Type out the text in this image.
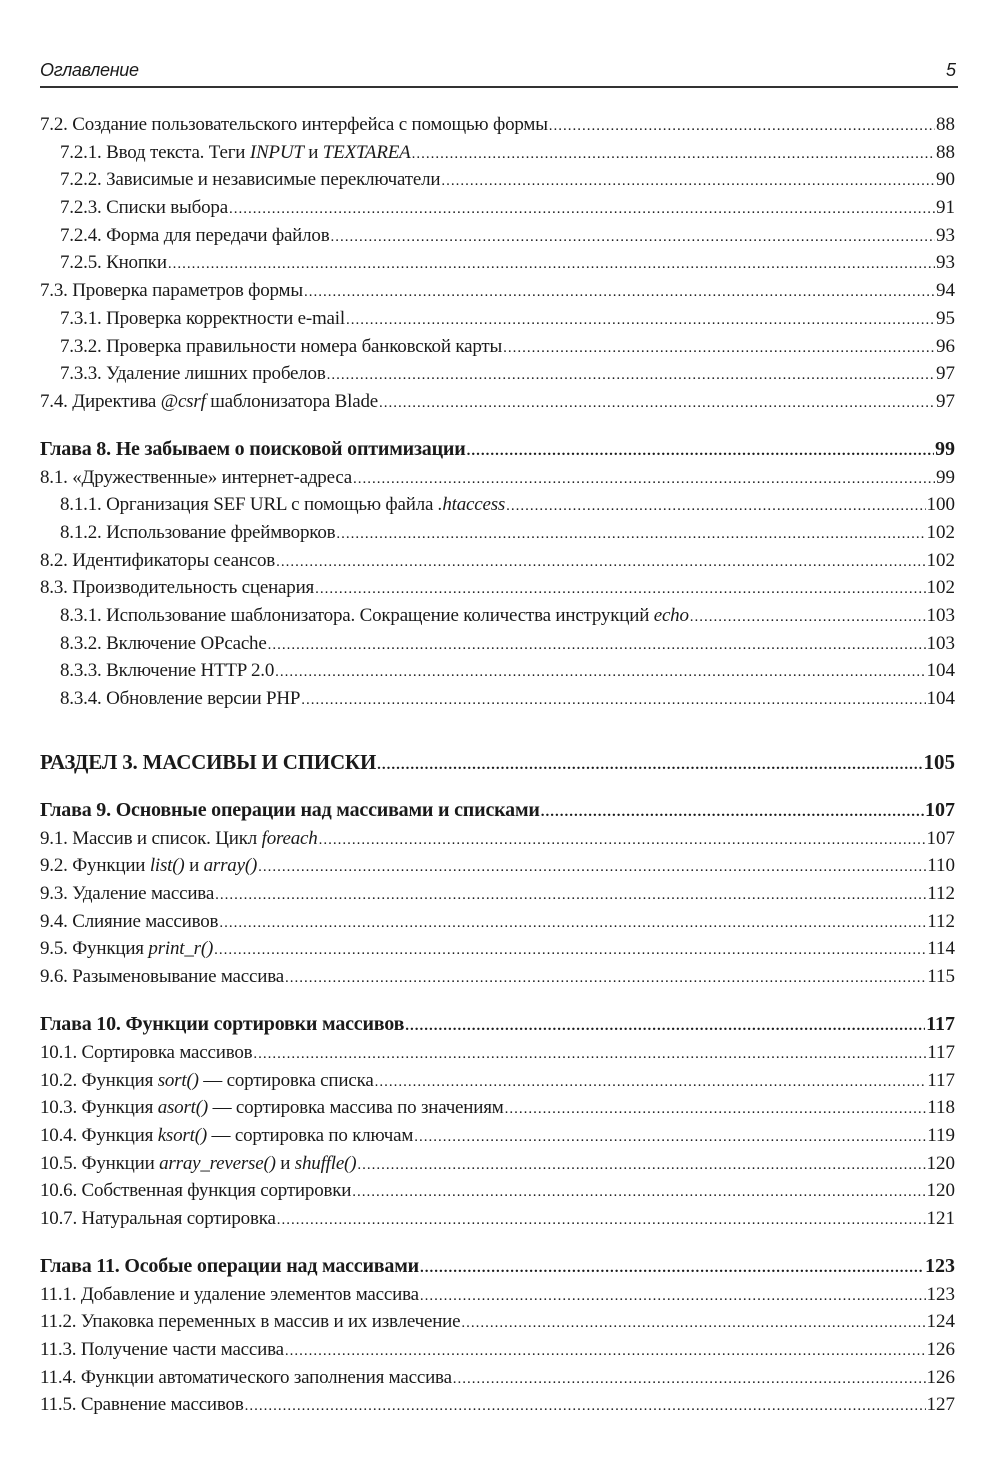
Оглавление	5
7.2. Создание пользовательского интерфейса с помощью формы .....	88
7.2.1. Ввод текста. Теги INPUT и TEXTAREA .....	88
7.2.2. Зависимые и независимые переключатели .....	90
7.2.3. Списки выбора .....	91
7.2.4. Форма для передачи файлов .....	93
7.2.5. Кнопки .....	93
7.3. Проверка параметров формы .....	94
7.3.1. Проверка корректности e-mail .....	95
7.3.2. Проверка правильности номера банковской карты .....	96
7.3.3. Удаление лишних пробелов .....	97
7.4. Директива @csrf шаблонизатора Blade .....	97
Глава 8. Не забываем о поисковой оптимизации .....	99
8.1. «Дружественные» интернет-адреса .....	99
8.1.1. Организация SEF URL с помощью файла .htaccess .....	100
8.1.2. Использование фреймворков .....	102
8.2. Идентификаторы сеансов .....	102
8.3. Производительность сценария .....	102
8.3.1. Использование шаблонизатора. Сокращение количества инструкций echo .....	103
8.3.2. Включение OPcache .....	103
8.3.3. Включение HTTP 2.0 .....	104
8.3.4. Обновление версии PHP .....	104
РАЗДЕЛ 3. МАССИВЫ И СПИСКИ .....	105
Глава 9. Основные операции над массивами и списками .....	107
9.1. Массив и список. Цикл foreach .....	107
9.2. Функции list() и array() .....	110
9.3. Удаление массива .....	112
9.4. Слияние массивов .....	112
9.5. Функция print_r() .....	114
9.6. Разыменовывание массива .....	115
Глава 10. Функции сортировки массивов .....	117
10.1. Сортировка массивов .....	117
10.2. Функция sort() — сортировка списка .....	117
10.3. Функция asort() — сортировка массива по значениям .....	118
10.4. Функция ksort() — сортировка по ключам .....	119
10.5. Функции array_reverse() и shuffle() .....	120
10.6. Собственная функция сортировки .....	120
10.7. Натуральная сортировка .....	121
Глава 11. Особые операции над массивами .....	123
11.1. Добавление и удаление элементов массива .....	123
11.2. Упаковка переменных в массив и их извлечение .....	124
11.3. Получение части массива .....	126
11.4. Функции автоматического заполнения массива .....	126
11.5. Сравнение массивов .....	127
